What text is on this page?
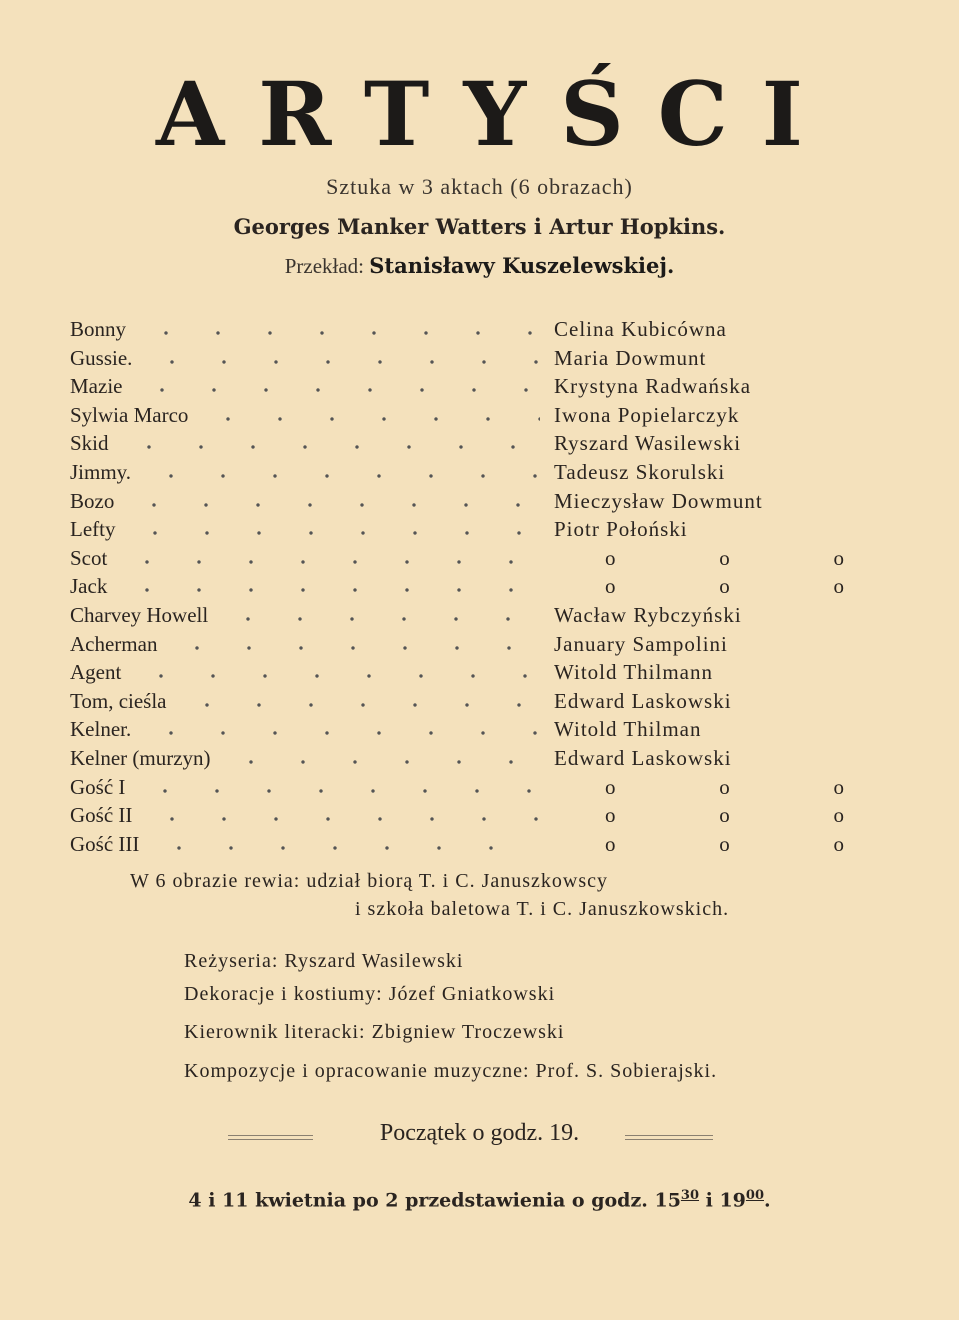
ARTYŚCI
Sztuka w 3 aktach (6 obrazach)
Georges Manker Watters i Artur Hopkins.
Przekład: Stanisławy Kuszelewskiej.
Bonny	Celina Kubicówna
Gussie.	Maria Dowmunt
Mazie	Krystyna Radwańska
Sylwia Marco	Iwona Popielarczyk
Skid	Ryszard Wasilewski
Jimmy.	Tadeusz Skorulski
Bozo	Mieczysław Dowmunt
Lefty	Piotr Połoński
Scot	o   o   o
Jack	o   o   o
Charvey Howell	Wacław Rybczyński
Acherman	January Sampolini
Agent	Witold Thilmann
Tom, cieśla	Edward Laskowski
Kelner.	Witold Thilman
Kelner (murzyn)	Edward Laskowski
Gość I	o   o   o
Gość II	o   o   o
Gość III	o   o   o
W 6 obrazie rewia: udział biorą T. i C. Januszkowscy
i szkoła baletowa T. i C. Januszkowskich.
Reżyseria: Ryszard Wasilewski
Dekoracje i kostiumy: Józef Gniatkowski
Kierownik literacki: Zbigniew Troczewski
Kompozycje i opracowanie muzyczne: Prof. S. Sobierajski.
Początek o godz. 19.
4 i 11 kwietnia po 2 przedstawienia o godz. $15^{30}$ i $19^{00}$.
